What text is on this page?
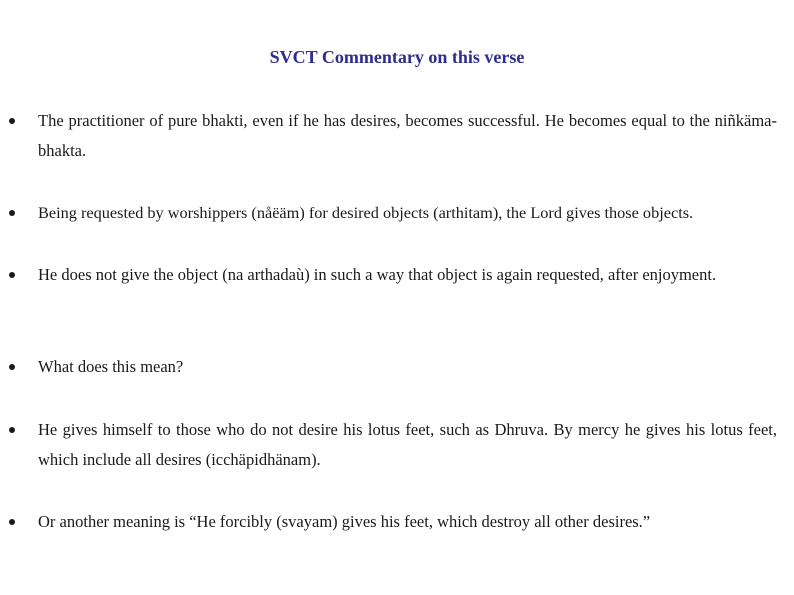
SVCT Commentary on this verse
The practitioner of pure bhakti, even if he has desires, becomes successful. He becomes equal to the niñkäma-bhakta.
Being requested by worshippers (nåëäm) for desired objects (arthitam), the Lord gives those objects.
He does not give the object (na arthadaù) in such a way that object is again requested, after enjoyment.
What does this mean?
He gives himself to those who do not desire his lotus feet, such as Dhruva. By mercy he gives his lotus feet, which include all desires (icchäpidhänam).
Or another meaning is “He forcibly (svayam) gives his feet, which destroy all other desires.”
